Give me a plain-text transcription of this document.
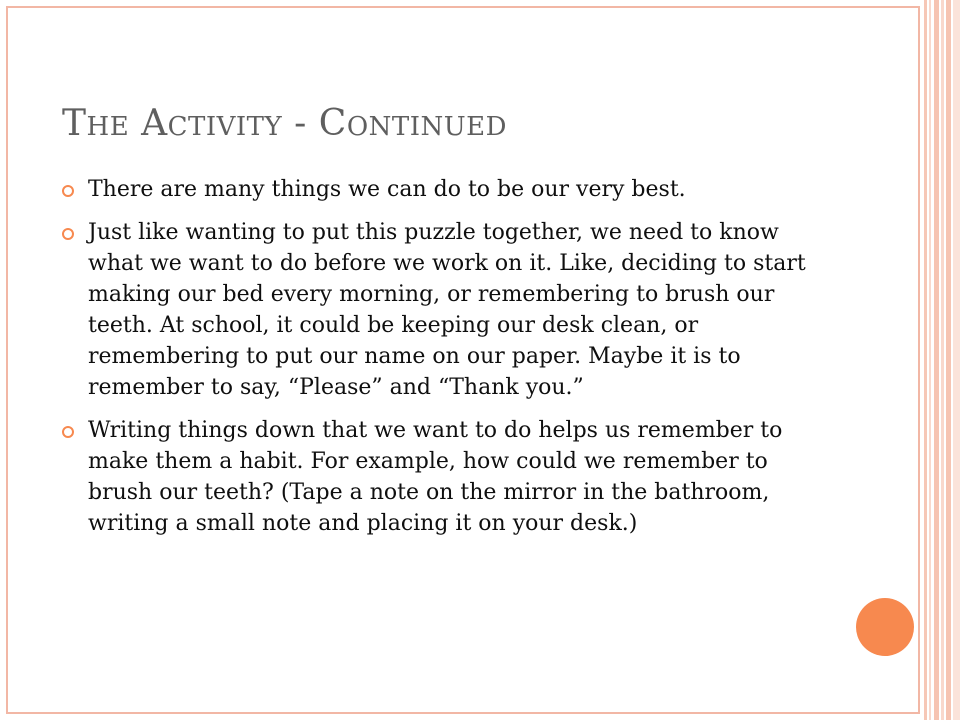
THE ACTIVITY - CONTINUED
There are many things we can do to be our very best.
Just like wanting to put this puzzle together, we need to know what we want to do before we work on it. Like, deciding to start making our bed every morning, or remembering to brush our teeth. At school, it could be keeping our desk clean, or remembering to put our name on our paper. Maybe it is to remember to say, “Please” and “Thank you.”
Writing things down that we want to do helps us remember to make them a habit. For example, how could we remember to brush our teeth? (Tape a note on the mirror in the bathroom, writing a small note and placing it on your desk.)
